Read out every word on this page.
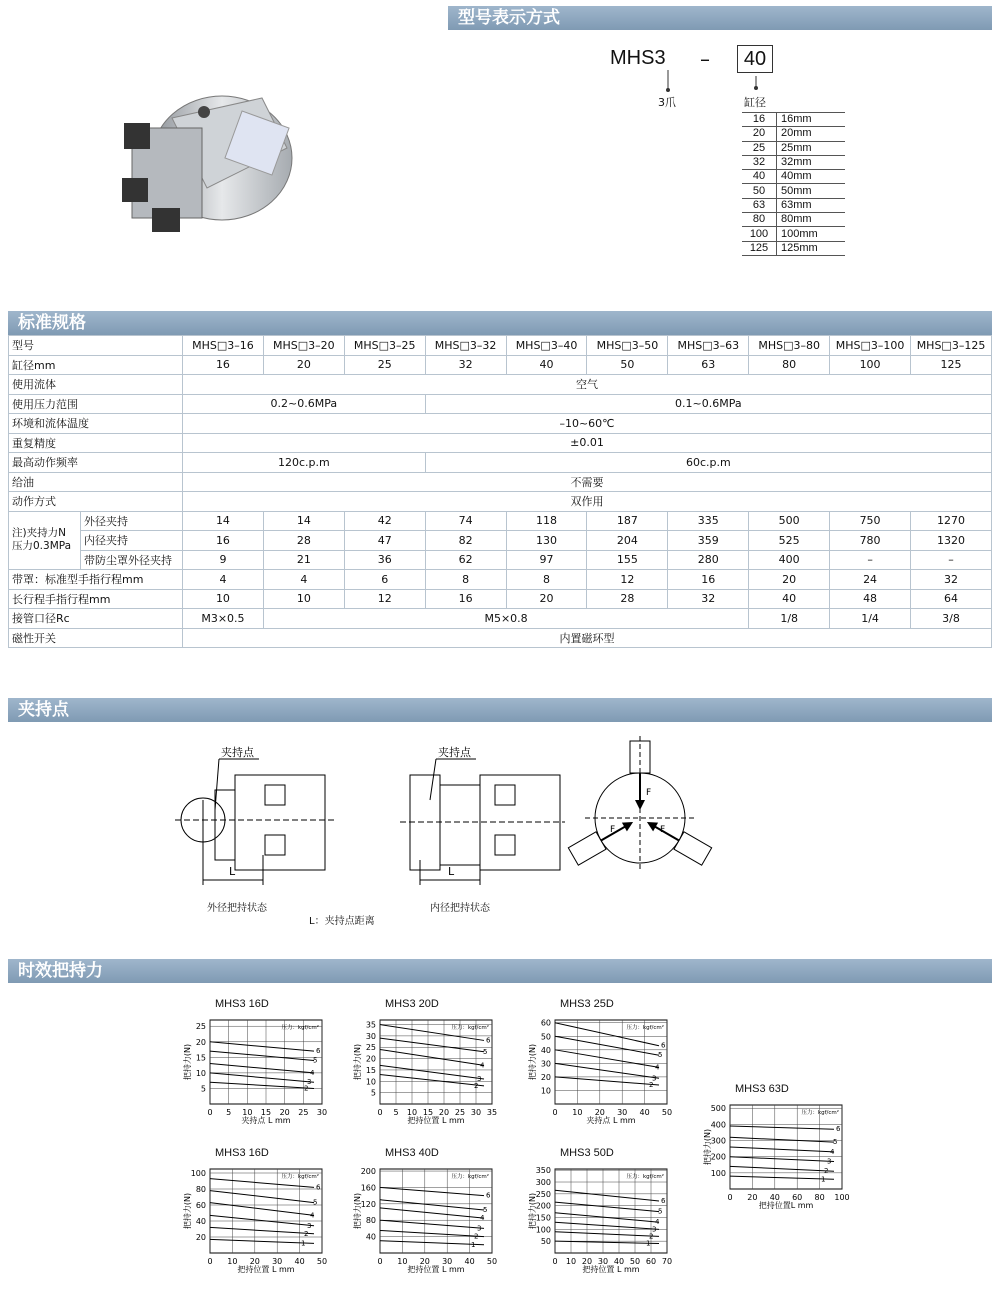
型号表示方式
MHS3 –	40
3爪	缸径
16	16mm
20	20mm
25	25mm
32	32mm
40	40mm
50	50mm
63	63mm
80	80mm
100	100mm
125	125mm
标准规格
型号		MHS□3–16	MHS□3–20	MHS□3–25	MHS□3–32	MHS□3–40	MHS□3–50	MHS□3–63	MHS□3–80	MHS□3–100	MHS□3–125
缸径mm		16	20	25	32	40	50	63	80	100	125
使用流体		空气									
使用压力范围		0.2~0.6MPa			0.1~0.6MPa						
环境和流体温度		–10~60℃									
重复精度		±0.01									
最高动作频率		120c.p.m			60c.p.m						
给油		不需要									
动作方式		双作用									
注)夹持力N
压力0.3MPa	外径夹持	14	14	42	74	118	187	335	500	750	1270
	内径夹持	16	28	47	82	130	204	359	525	780	1320
	带防尘罩外径夹持	9	21	36	62	97	155	280	400	–	–
带罩：标准型手指行程mm		4	4	6	8	8	12	16	20	24	32
长行程手指行程mm		10	10	12	16	20	28	32	40	48	64
接管口径Rc		M3×0.5	M5×0.8						1/8	1/4	3/8
磁性开关		内置磁环型									
夹持点
夹持点
L
外径把持状态
L：夹持点距离
夹持点
L
内径把持状态
F
F	F
时效把持力
MHS3 16D
0 5 10 15 20 25 30
5
10
15
20
25
6
5
4
3
2
压力：kgf/cm²
夹持点 L mm
把持力(N)
MHS3 20D
0 5 10 15 20 25 30 35
5
10
15
20
25
30
35
6
5
4
3
2
压力：kgf/cm²
把持位置 L mm
把持力(N)
MHS3 25D
0 10 20 30 40 50
10
20
30
40
50
60
6
5
4
3
2
压力：kgf/cm²
夹持点 L mm
把持力(N)
MHS3 63D
0 20 40 60 80 100
100
200
300
400
500
6
5
4
3
2
1
压力：kgf/cm²
把持位置L mm
把持力(N)
MHS3 16D
0 10 20 30 40 50
20
40
60
80
100
6
5
4
3
2
1
压力：kgf/cm²
把持位置 L mm
把持力(N)
MHS3 40D
0 10 20 30 40 50
40
80
120
160
200
6
5
4
3
2
1
压力：kgf/cm²
把持位置 L mm
把持力(N)
MHS3 50D
0 10 20 30 40 50 60 70
50
100
150
200
250
300
350
6
5
4
3
2
1
压力：kgf/cm²
把持位置 L mm
把持力(N)
